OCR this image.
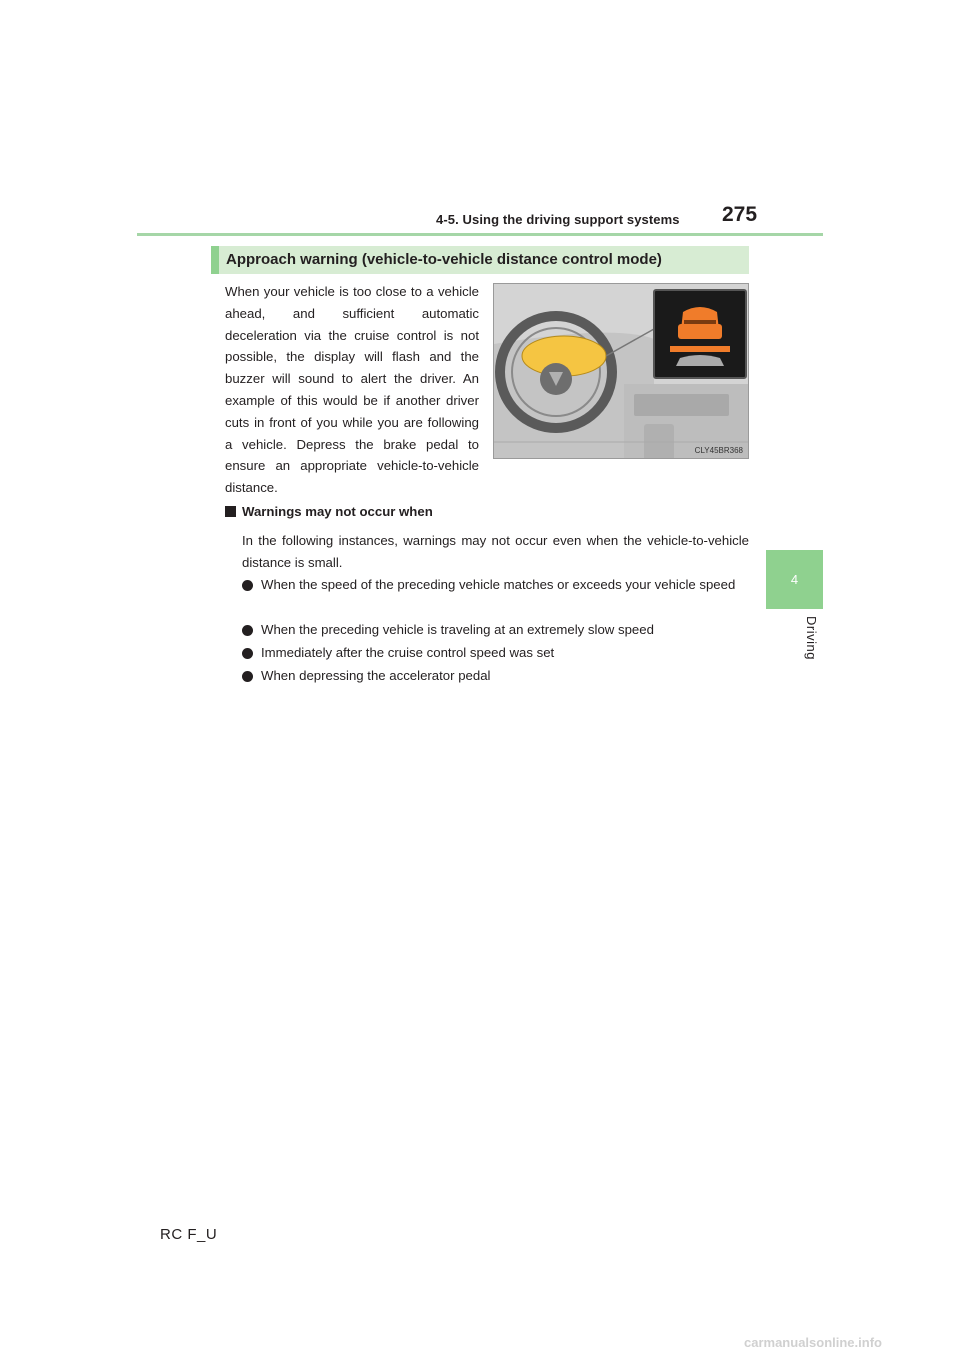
4-5. Using the driving support systems 275
4
Driving
Approach warning (vehicle-to-vehicle distance control mode)
When your vehicle is too close to a vehicle ahead, and sufficient automatic deceleration via the cruise control is not possible, the display will flash and the buzzer will sound to alert the driver. An example of this would be if another driver cuts in front of you while you are following a vehicle. Depress the brake pedal to ensure an appropriate vehicle-to-vehicle distance.
CLY45BR368
Warnings may not occur when
In the following instances, warnings may not occur even when the vehicle-to-vehicle distance is small.
When the speed of the preceding vehicle matches or exceeds your vehicle speed
When the preceding vehicle is traveling at an extremely slow speed
Immediately after the cruise control speed was set
When depressing the accelerator pedal
RC F_U
carmanualsonline.info
